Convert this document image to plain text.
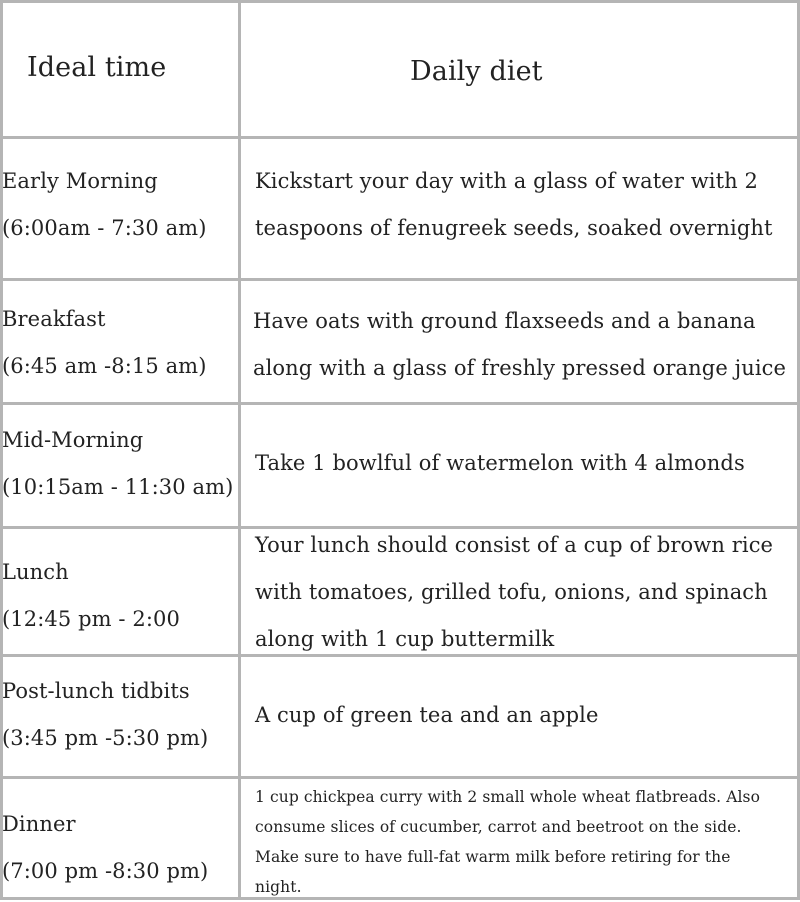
Ideal time	Daily diet
Early Morning
(6:00am - 7:30 am)
Kickstart your day with a glass of water with 2
teaspoons of fenugreek seeds, soaked overnight
Breakfast
(6:45 am -8:15 am)
Have oats with ground flaxseeds and a banana
along with a glass of freshly pressed orange juice
Mid-Morning
(10:15am - 11:30 am)
Take 1 bowlful of watermelon with 4 almonds
Lunch
(12:45 pm - 2:00
Your lunch should consist of a cup of brown rice
with tomatoes, grilled tofu, onions, and spinach
along with 1 cup buttermilk
Post-lunch tidbits
(3:45 pm -5:30 pm)
A cup of green tea and an apple
Dinner
(7:00 pm -8:30 pm)
1 cup chickpea curry with 2 small whole wheat flatbreads. Also
consume slices of cucumber, carrot and beetroot on the side.
Make sure to have full-fat warm milk before retiring for the
night.
